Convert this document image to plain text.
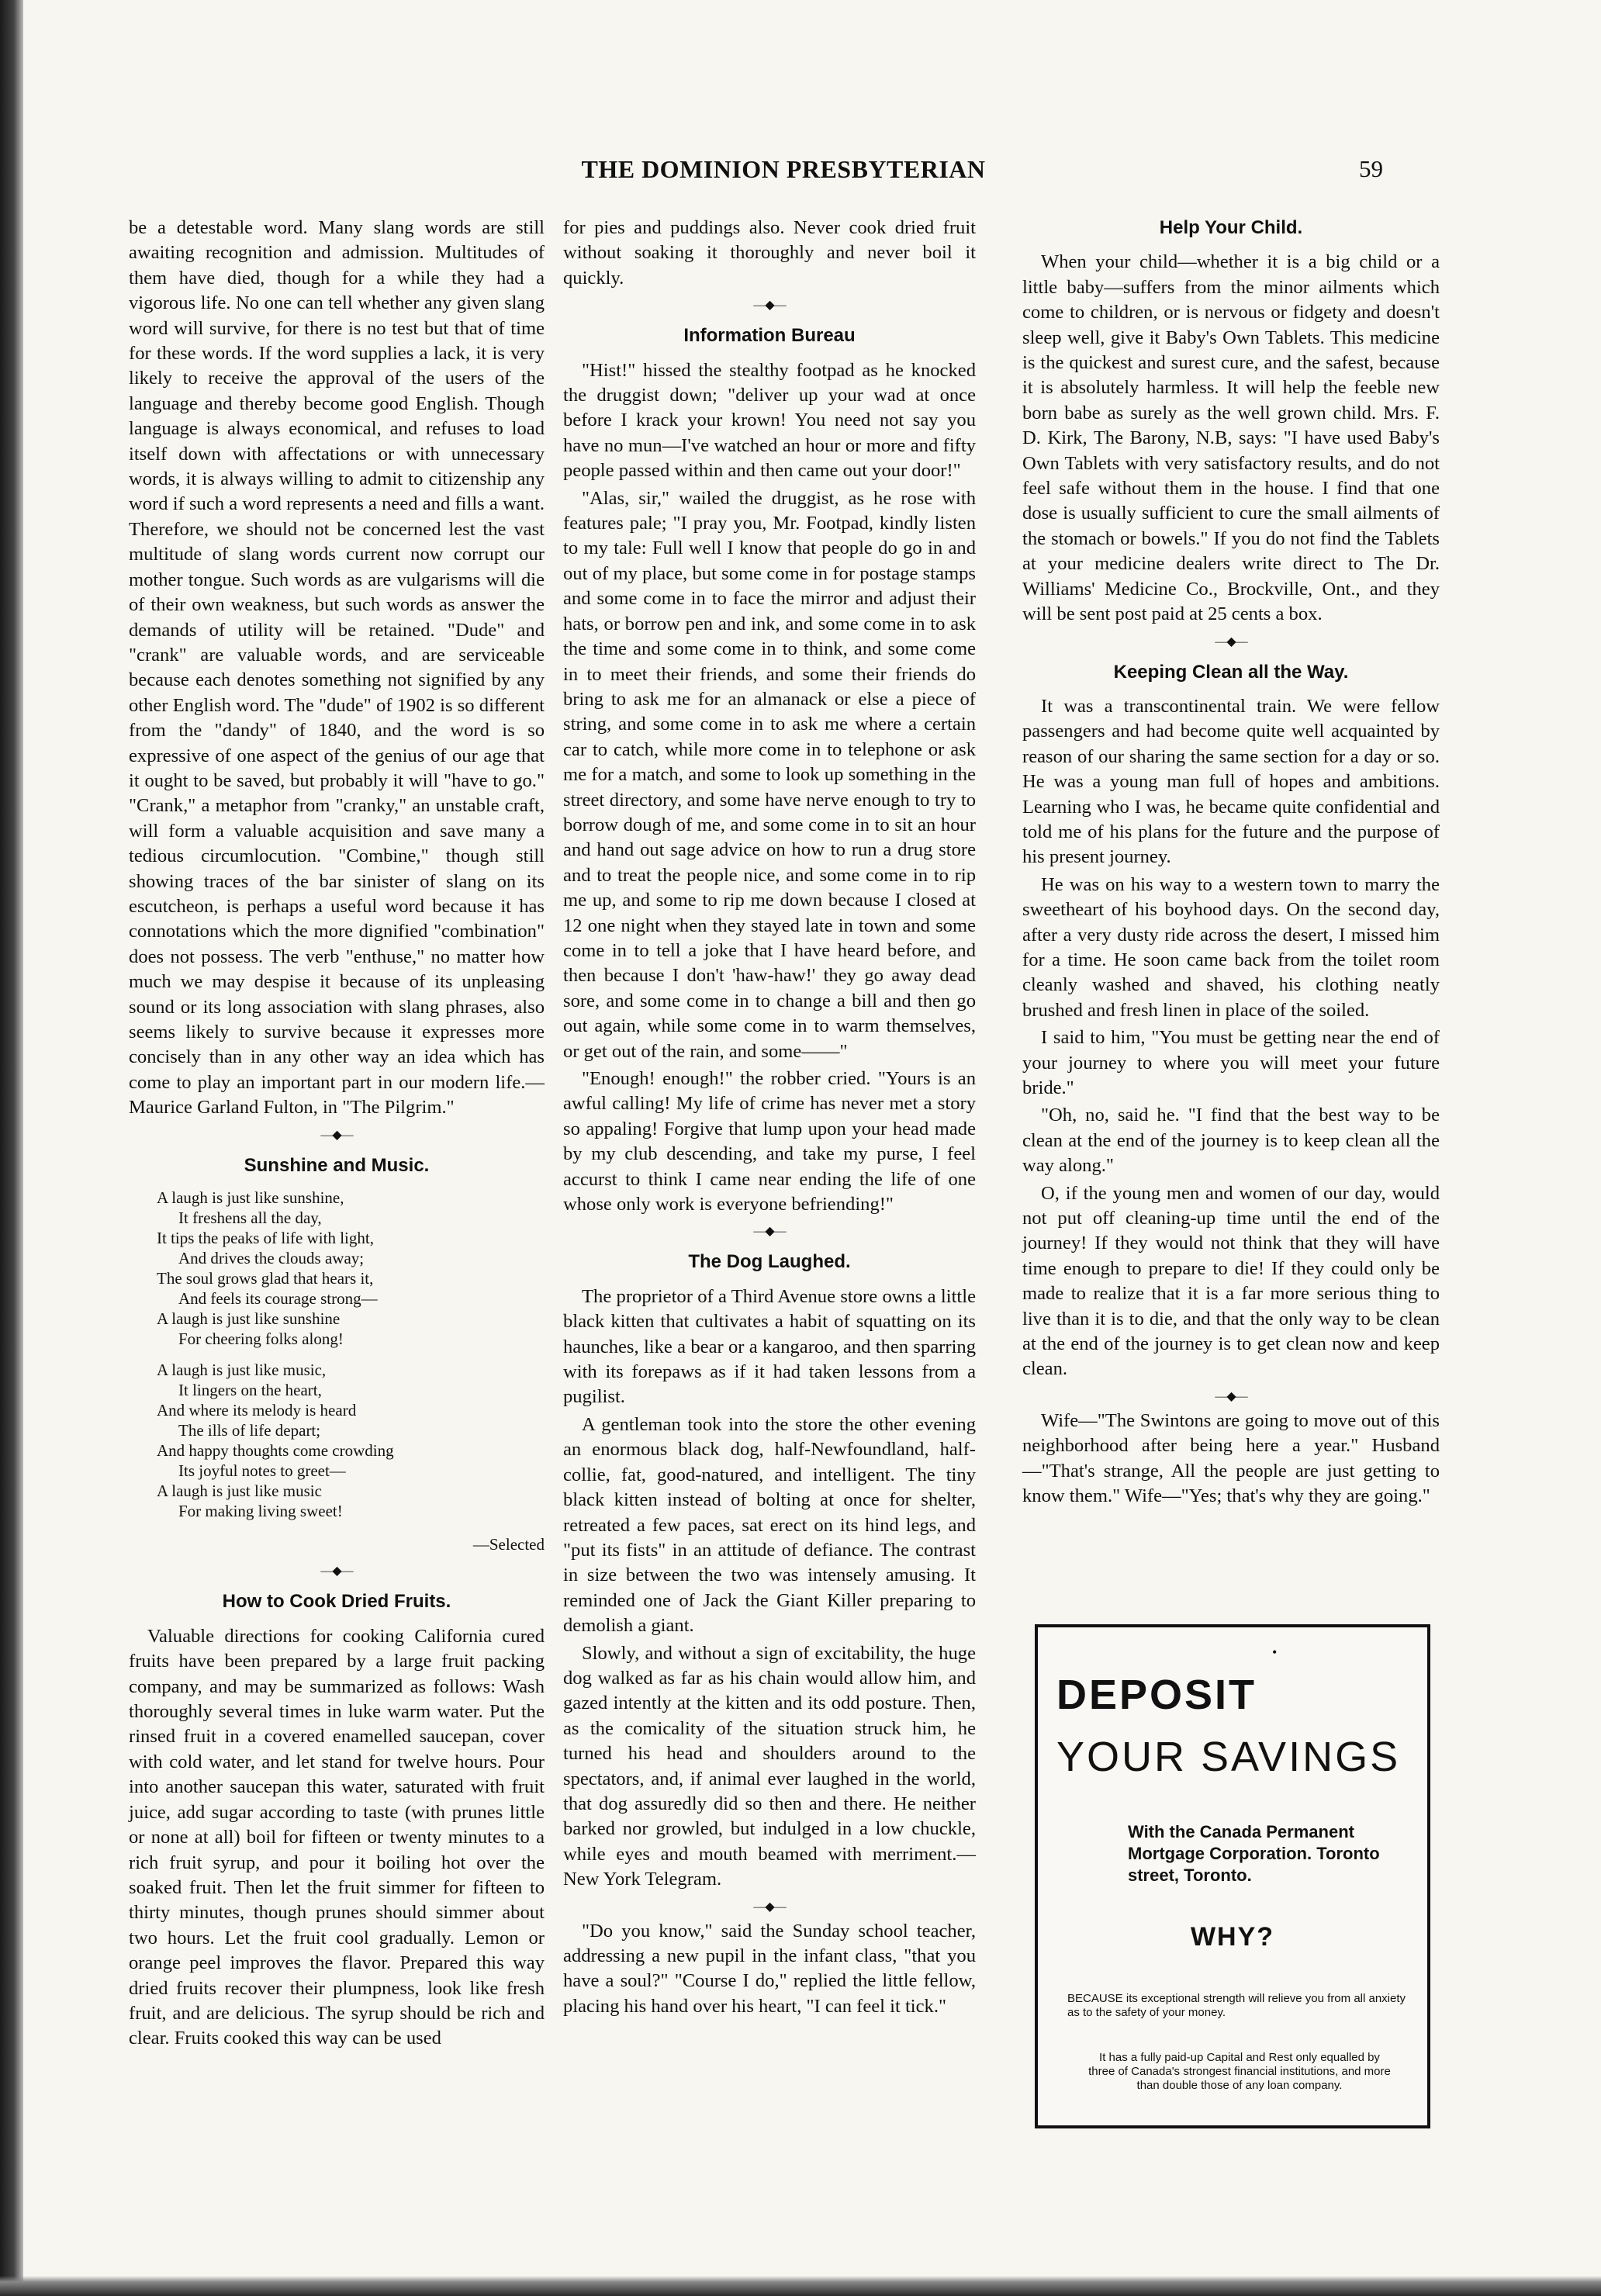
THE DOMINION PRESBYTERIAN	59

be a detestable word. Many slang words are still awaiting recognition and admission. Multitudes of them have died, though for a while they had a vigorous life. No one can tell whether any given slang word will survive, for there is no test but that of time for these words. If the word supplies a lack, it is very likely to receive the approval of the users of the language and thereby become good English. Though language is always economical, and refuses to load itself down with affectations or with unnecessary words, it is always willing to admit to citizenship any word if such a word represents a need and fills a want. Therefore, we should not be concerned lest the vast multitude of slang words current now corrupt our mother tongue. Such words as are vulgarisms will die of their own weakness, but such words as answer the demands of utility will be retained. "Dude" and "crank" are valuable words, and are serviceable because each denotes something not signified by any other English word. The "dude" of 1902 is so different from the "dandy" of 1840, and the word is so expressive of one aspect of the genius of our age that it ought to be saved, but probably it will "have to go." "Crank," a metaphor from "cranky," an unstable craft, will form a valuable acquisition and save many a tedious circumlocution. "Combine," though still showing traces of the bar sinister of slang on its escutcheon, is perhaps a useful word because it has connotations which the more dignified "combination" does not possess. The verb "enthuse," no matter how much we may despise it because of its unpleasing sound or its long association with slang phrases, also seems likely to survive because it expresses more concisely than in any other way an idea which has come to play an important part in our modern life.—Maurice Garland Fulton, in "The Pilgrim."

—◆—
Sunshine and Music.
A laugh is just like sunshine,
It freshens all the day,
It tips the peaks of life with light,
And drives the clouds away;
The soul grows glad that hears it,
And feels its courage strong—
A laugh is just like sunshine
For cheering folks along!
A laugh is just like music,
It lingers on the heart,
And where its melody is heard
The ills of life depart;
And happy thoughts come crowding
Its joyful notes to greet—
A laugh is just like music
For making living sweet!
—Selected
—◆—
How to Cook Dried Fruits.

Valuable directions for cooking California cured fruits have been prepared by a large fruit packing company, and may be summarized as follows: Wash thoroughly several times in luke warm water. Put the rinsed fruit in a covered enamelled saucepan, cover with cold water, and let stand for twelve hours. Pour into another saucepan this water, saturated with fruit juice, add sugar according to taste (with prunes little or none at all) boil for fifteen or twenty minutes to a rich fruit syrup, and pour it boiling hot over the soaked fruit. Then let the fruit simmer for fifteen to thirty minutes, though prunes should simmer about two hours. Let the fruit cool gradually. Lemon or orange peel improves the flavor. Prepared this way dried fruits recover their plumpness, look like fresh fruit, and are delicious. The syrup should be rich and clear. Fruits cooked this way can be used

for pies and puddings also. Never cook dried fruit without soaking it thoroughly and never boil it quickly.

—◆—
Information Bureau

"Hist!" hissed the stealthy footpad as he knocked the druggist down; "deliver up your wad at once before I krack your krown! You need not say you have no mun—I've watched an hour or more and fifty people passed within and then came out your door!"

"Alas, sir," wailed the druggist, as he rose with features pale; "I pray you, Mr. Footpad, kindly listen to my tale: Full well I know that people do go in and out of my place, but some come in for postage stamps and some come in to face the mirror and adjust their hats, or borrow pen and ink, and some come in to ask the time and some come in to think, and some come in to meet their friends, and some their friends do bring to ask me for an almanack or else a piece of string, and some come in to ask me where a certain car to catch, while more come in to telephone or ask me for a match, and some to look up something in the street directory, and some have nerve enough to try to borrow dough of me, and some come in to sit an hour and hand out sage advice on how to run a drug store and to treat the people nice, and some come in to rip me up, and some to rip me down because I closed at 12 one night when they stayed late in town and some come in to tell a joke that I have heard before, and then because I don't 'haw-haw!' they go away dead sore, and some come in to change a bill and then go out again, while some come in to warm themselves, or get out of the rain, and some——"

"Enough! enough!" the robber cried. "Yours is an awful calling! My life of crime has never met a story so appaling! Forgive that lump upon your head made by my club descending, and take my purse, I feel accurst to think I came near ending the life of one whose only work is everyone befriending!"

—◆—
The Dog Laughed.

The proprietor of a Third Avenue store owns a little black kitten that cultivates a habit of squatting on its haunches, like a bear or a kangaroo, and then sparring with its forepaws as if it had taken lessons from a pugilist.

A gentleman took into the store the other evening an enormous black dog, half-Newfoundland, half-collie, fat, good-natured, and intelligent. The tiny black kitten instead of bolting at once for shelter, retreated a few paces, sat erect on its hind legs, and "put its fists" in an attitude of defiance. The contrast in size between the two was intensely amusing. It reminded one of Jack the Giant Killer preparing to demolish a giant.

Slowly, and without a sign of excitability, the huge dog walked as far as his chain would allow him, and gazed intently at the kitten and its odd posture. Then, as the comicality of the situation struck him, he turned his head and shoulders around to the spectators, and, if animal ever laughed in the world, that dog assuredly did so then and there. He neither barked nor growled, but indulged in a low chuckle, while eyes and mouth beamed with merriment.—New York Telegram.

—◆—

"Do you know," said the Sunday school teacher, addressing a new pupil in the infant class, "that you have a soul?" "Course I do," replied the little fellow, placing his hand over his heart, "I can feel it tick."

Help Your Child.

When your child—whether it is a big child or a little baby—suffers from the minor ailments which come to children, or is nervous or fidgety and doesn't sleep well, give it Baby's Own Tablets. This medicine is the quickest and surest cure, and the safest, because it is absolutely harmless. It will help the feeble new born babe as surely as the well grown child. Mrs. F. D. Kirk, The Barony, N.B, says: "I have used Baby's Own Tablets with very satisfactory results, and do not feel safe without them in the house. I find that one dose is usually sufficient to cure the small ailments of the stomach or bowels." If you do not find the Tablets at your medicine dealers write direct to The Dr. Williams' Medicine Co., Brockville, Ont., and they will be sent post paid at 25 cents a box.

—◆—
Keeping Clean all the Way.

It was a transcontinental train. We were fellow passengers and had become quite well acquainted by reason of our sharing the same section for a day or so. He was a young man full of hopes and ambitions. Learning who I was, he became quite confidential and told me of his plans for the future and the purpose of his present journey.

He was on his way to a western town to marry the sweetheart of his boyhood days. On the second day, after a very dusty ride across the desert, I missed him for a time. He soon came back from the toilet room cleanly washed and shaved, his clothing neatly brushed and fresh linen in place of the soiled.

I said to him, "You must be getting near the end of your journey to where you will meet your future bride."

"Oh, no, said he. "I find that the best way to be clean at the end of the journey is to keep clean all the way along."

O, if the young men and women of our day, would not put off cleaning-up time until the end of the journey! If they would not think that they will have time enough to prepare to die! If they could only be made to realize that it is a far more serious thing to live than it is to die, and that the only way to be clean at the end of the journey is to get clean now and keep clean.

—◆—

Wife—"The Swintons are going to move out of this neighborhood after being here a year." Husband—"That's strange, All the people are just getting to know them." Wife—"Yes; that's why they are going."

•
DEPOSIT
YOUR SAVINGS
With the Canada Permanent Mortgage Corporation. Toronto street, Toronto.
WHY?
BECAUSE its exceptional strength will relieve you from all anxiety as to the safety of your money.
It has a fully paid-up Capital and Rest only equalled by three of Canada's strongest financial institutions, and more than double those of any loan company.
